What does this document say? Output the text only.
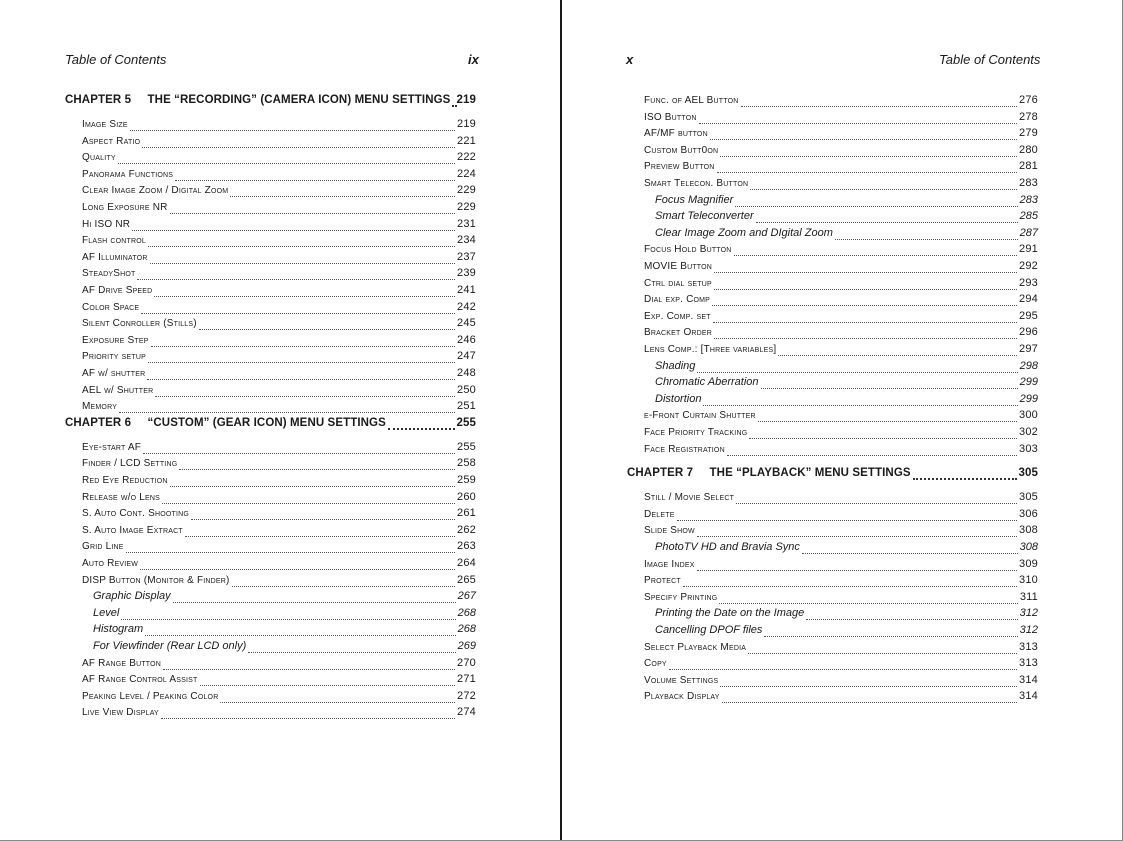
Table of Contents	ix
CHAPTER 5     THE “RECORDING” (CAMERA ICON) MENU SETTINGS 219
Image Size	219
Aspect Ratio	221
Quality	222
Panorama Functions	224
Clear Image Zoom / Digital Zoom	229
Long Exposure NR	229
Hi ISO NR	231
Flash control	234
AF Illuminator	237
SteadyShot	239
AF Drive Speed	241
Color Space	242
Silent Conroller (Stills)	245
Exposure Step	246
Priority setup	247
AF w/ shutter	248
AEL w/ Shutter	250
Memory	251
CHAPTER 6     “CUSTOM” (GEAR ICON) MENU SETTINGS	255
Eye-start AF	255
Finder / LCD Setting	258
Red Eye Reduction	259
Release w/o Lens	260
S. Auto Cont. Shooting	261
S. Auto Image Extract	262
Grid Line	263
Auto Review	264
DISP Button (Monitor & Finder)	265
Graphic Display	267
Level	268
Histogram	268
For Viewfinder (Rear LCD only)	269
AF Range Button	270
AF Range Control Assist	271
Peaking Level / Peaking Color	272
Live View Display	274
x	Table of Contents
Func. of AEL Button	276
ISO Button	278
AF/MF button	279
Custom Butt0on	280
Preview Button	281
Smart Telecon. Button	283
Focus Magnifier	283
Smart Teleconverter	285
Clear Image Zoom and DIgital Zoom	287
Focus Hold Button	291
MOVIE Button	292
Ctrl dial setup	293
Dial exp. Comp	294
Exp. Comp. set	295
Bracket Order	296
Lens Comp.: [Three variables]	297
Shading	298
Chromatic Aberration	299
Distortion	299
e-Front Curtain Shutter	300
Face Priority Tracking	302
Face Registration	303
CHAPTER 7     THE “PLAYBACK” MENU SETTINGS	305
Still / Movie Select	305
Delete	306
Slide Show	308
PhotoTV HD and Bravia Sync	308
Image Index	309
Protect	310
Specify Printing	311
Printing the Date on the Image	312
Cancelling DPOF files	312
Select Playback Media	313
Copy	313
Volume Settings	314
Playback Display	314
